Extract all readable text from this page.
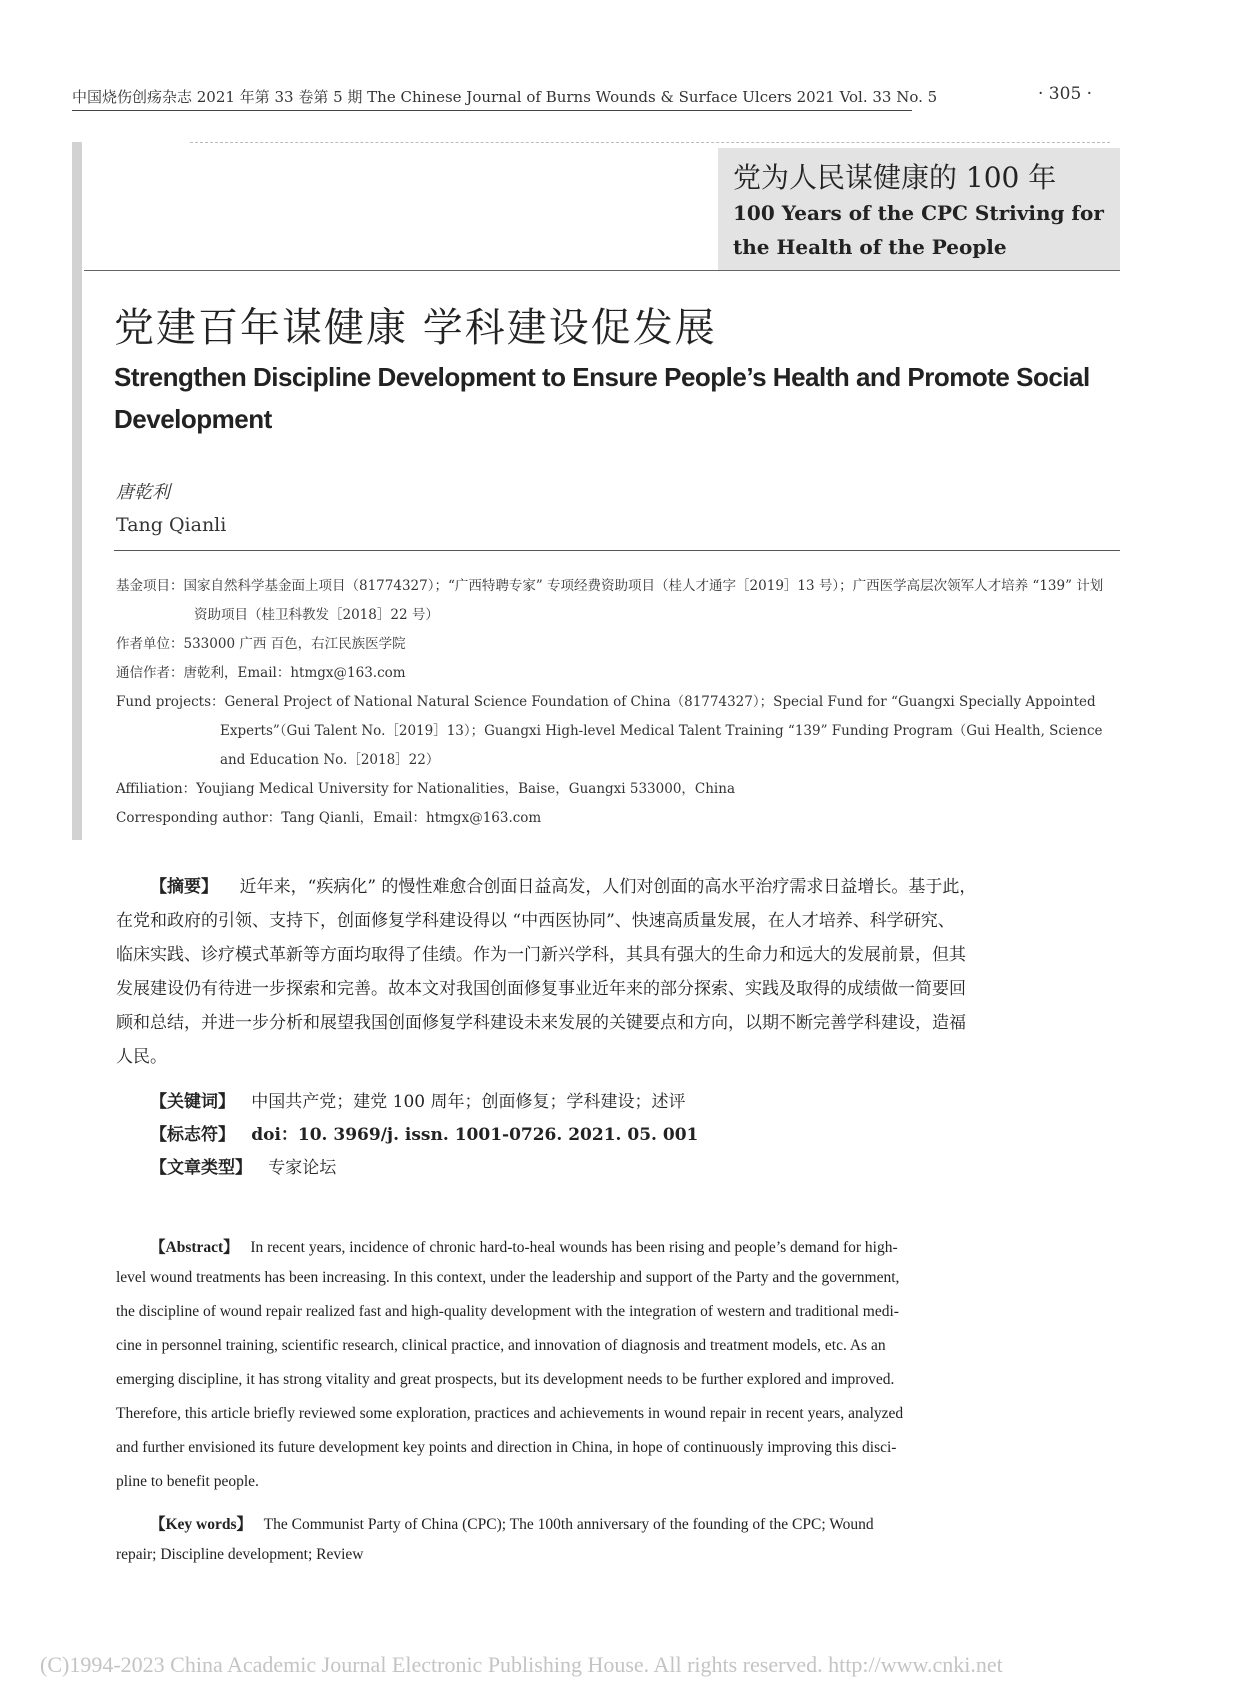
中国烧伤创疡杂志 2021 年第 33 卷第 5 期 The Chinese Journal of Burns Wounds & Surface Ulcers 2021 Vol. 33 No. 5	· 305 ·
党为人民谋健康的 100 年
100 Years of the CPC Striving for the Health of the People
党建百年谋健康 学科建设促发展
Strengthen Discipline Development to Ensure People’s Health and Promote Social Development
唐乾利
Tang Qianli
基金项目：国家自然科学基金面上项目（81774327）；“广西特聘专家” 专项经费资助项目（桂人才通字［2019］13 号）；广西医学高层次领军人才培养 “139” 计划资助项目（桂卫科教发［2018］22 号）
作者单位：533000 广西 百色，右江民族医学院
通信作者：唐乾利，Email：htmgx@163.com
Fund projects：General Project of National Natural Science Foundation of China（81774327）；Special Fund for “Guangxi Specially Appointed Experts”（Gui Talent No.［2019］13）；Guangxi High-level Medical Talent Training “139” Funding Program（Gui Health, Science and Education No.［2018］22）
Affiliation：Youjiang Medical University for Nationalities，Baise，Guangxi 533000，China
Corresponding author：Tang Qianli，Email：htmgx@163.com
【摘要】 近年来，“疾病化” 的慢性难愈合创面日益高发，人们对创面的高水平治疗需求日益增长。基于此，
在党和政府的引领、支持下，创面修复学科建设得以 “中西医协同”、快速高质量发展，在人才培养、科学研究、
临床实践、诊疗模式革新等方面均取得了佳绩。作为一门新兴学科，其具有强大的生命力和远大的发展前景，但其
发展建设仍有待进一步探索和完善。故本文对我国创面修复事业近年来的部分探索、实践及取得的成绩做一简要回
顾和总结，并进一步分析和展望我国创面修复学科建设未来发展的关键要点和方向，以期不断完善学科建设，造福
人民。
【关键词】 中国共产党；建党 100 周年；创面修复；学科建设；述评
【标志符】 doi：10. 3969/j. issn. 1001-0726. 2021. 05. 001
【文章类型】 专家论坛
【Abstract】 In recent years, incidence of chronic hard-to-heal wounds has been rising and people’s demand for high-
level wound treatments has been increasing. In this context, under the leadership and support of the Party and the government,
the discipline of wound repair realized fast and high-quality development with the integration of western and traditional medi-
cine in personnel training, scientific research, clinical practice, and innovation of diagnosis and treatment models, etc. As an
emerging discipline, it has strong vitality and great prospects, but its development needs to be further explored and improved.
Therefore, this article briefly reviewed some exploration, practices and achievements in wound repair in recent years, analyzed
and further envisioned its future development key points and direction in China, in hope of continuously improving this disci-
pline to benefit people.
【Key words】 The Communist Party of China (CPC); The 100th anniversary of the founding of the CPC; Wound
repair; Discipline development; Review
(C)1994-2023 China Academic Journal Electronic Publishing House. All rights reserved. http://www.cnki.net
